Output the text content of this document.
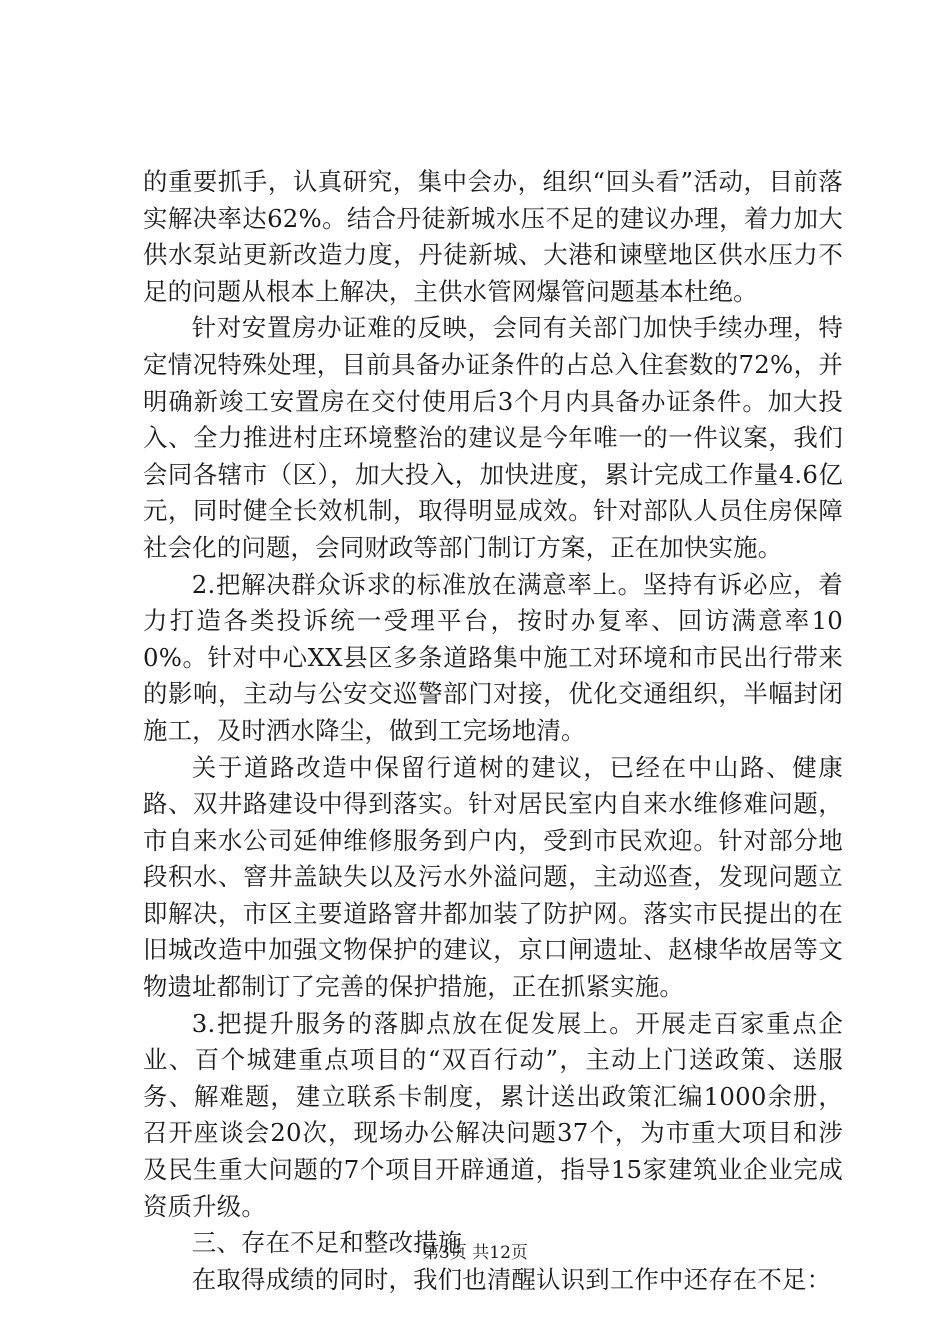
的重要抓手，认真研究，集中会办，组织“回头看”活动，目前落实解决率达62%。结合丹徒新城水压不足的建议办理，着力加大供水泵站更新改造力度，丹徒新城、大港和谏壁地区供水压力不足的问题从根本上解决，主供水管网爆管问题基本杜绝。

针对安置房办证难的反映，会同有关部门加快手续办理，特定情况特殊处理，目前具备办证条件的占总入住套数的72%，并明确新竣工安置房在交付使用后3个月内具备办证条件。加大投入、全力推进村庄环境整治的建议是今年唯一的一件议案，我们会同各辖市（区），加大投入，加快进度，累计完成工作量4.6亿元，同时健全长效机制，取得明显成效。针对部队人员住房保障社会化的问题，会同财政等部门制订方案，正在加快实施。

2.把解决群众诉求的标准放在满意率上。坚持有诉必应，着力打造各类投诉统一受理平台，按时办复率、回访满意率100%。针对中心XX县区多条道路集中施工对环境和市民出行带来的影响，主动与公安交巡警部门对接，优化交通组织，半幅封闭施工，及时洒水降尘，做到工完场地清。

关于道路改造中保留行道树的建议，已经在中山路、健康路、双井路建设中得到落实。针对居民室内自来水维修难问题，市自来水公司延伸维修服务到户内，受到市民欢迎。针对部分地段积水、窨井盖缺失以及污水外溢问题，主动巡查，发现问题立即解决，市区主要道路窨井都加装了防护网。落实市民提出的在旧城改造中加强文物保护的建议，京口闸遗址、赵棣华故居等文物遗址都制订了完善的保护措施，正在抓紧实施。

3.把提升服务的落脚点放在促发展上。开展走百家重点企业、百个城建重点项目的“双百行动”，主动上门送政策、送服务、解难题，建立联系卡制度，累计送出政策汇编1000余册，召开座谈会20次，现场办公解决问题37个，为市重大项目和涉及民生重大问题的7个项目开辟通道，指导15家建筑业企业完成资质升级。

三、存在不足和整改措施

在取得成绩的同时，我们也清醒认识到工作中还存在不足：

第3页 共12页
